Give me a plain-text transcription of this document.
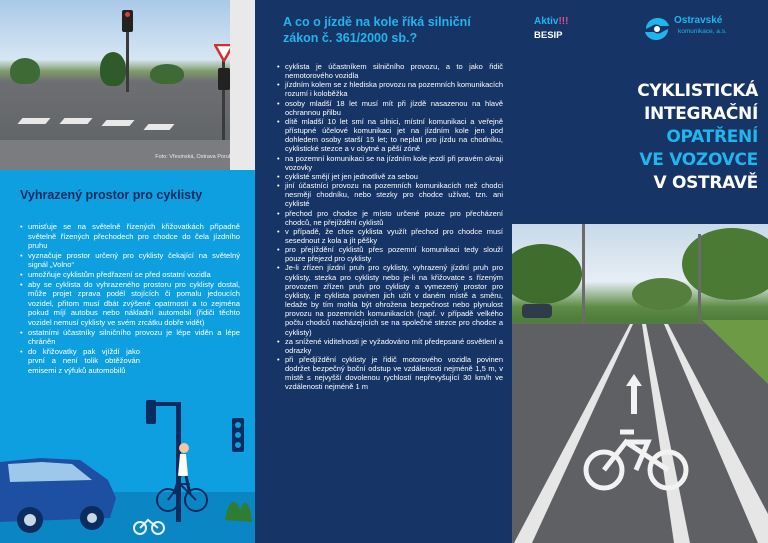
Foto: Vřesinská, Ostrava Poruba
Vyhrazený prostor pro cyklisty
• umisťuje se na světelně řízených křižovatkách případně světelně řízených přechodech pro chodce do čela jízdního pruhu
• vyznačuje prostor určený pro cyklisty čekající na světelný signál „Volno“
• umožňuje cyklistům předřazení se před ostatní vozidla
• aby se cyklista do vyhrazeného prostoru pro cyklisty dostal, může projet zprava podél stojících či pomalu jedoucích vozidel, přitom musí dbát zvýšené opatrnosti a to zejména pokud míjí autobus nebo nákladní automobil (řidiči těchto vozidel nemusí cyklisty ve svém zrcátku dobře vidět)
• ostatními účastníky silničního provozu je lépe viděn a lépe chráněn
• do křižovatky pak vjíždí jako první a není tolik obtěžován emisemi z výfuků automobilů
A co o jízdě na kole říká silniční zákon č. 361/2000 sb.?
• cyklista je účastníkem silničního provozu, a to jako řidič nemotorového vozidla
• jízdním kolem se z hlediska provozu na pozemních komunikacích rozumí i koloběžka
• osoby mladší 18 let musí mít při jízdě nasazenou na hlavě ochrannou přilbu
• dítě mladší 10 let smí na silnici, místní komunikaci a veřejně přístupné účelové komunikaci jet na jízdním kole jen pod dohledem osoby starší 15 let; to neplatí pro jízdu na chodníku, cyklistické stezce a v obytné a pěší zóně
• na pozemní komunikaci se na jízdním kole jezdí při pravém okraji vozovky
• cyklisté smějí jet jen jednotlivě za sebou
• jiní účastníci provozu na pozemních komunikacích než chodci nesmějí chodníku, nebo stezky pro chodce užívat, tzn. ani cyklisté
• přechod pro chodce je místo určené pouze pro přecházení chodců, ne přejíždění cyklistů
• v případě, že chce cyklista využít přechod pro chodce musí sesednout z kola a jít pěšky
• pro přejíždění cyklistů přes pozemní komunikaci tedy slouží pouze přejezd pro cyklisty
• Je-li zřízen jízdní pruh pro cyklisty, vyhrazený jízdní pruh pro cyklisty, stezka pro cyklisty nebo je-li na křižovatce s řízeným provozem zřízen pruh pro cyklisty a vymezený prostor pro cyklisty, je cyklista povinen jich užít v daném místě a směru, ledaže by tím mohla být ohrožena bezpečnost nebo plynulost provozu na pozemních komunikacích (např. v případě velkého počtu chodců nacházejících se na společné stezce pro chodce a cyklisty)
• za snížené viditelnosti je vyžadováno mít předepsané osvětlení a odrazky
• při předjíždění cyklisty je řidič motorového vozidla povinen dodržet bezpečný boční odstup ve vzdálenosti nejméně 1,5 m, v místě s nejvyšší dovolenou rychlostí nepřevyšující 30 km/h ve vzdálenosti nejméně 1 m
Aktiv!!!
BESIP
Ostravské
komunikace, a.s.
CYKLISTICKÁ
INTEGRAČNÍ
OPATŘENÍ
VE VOZOVCE
V OSTRAVĚ
